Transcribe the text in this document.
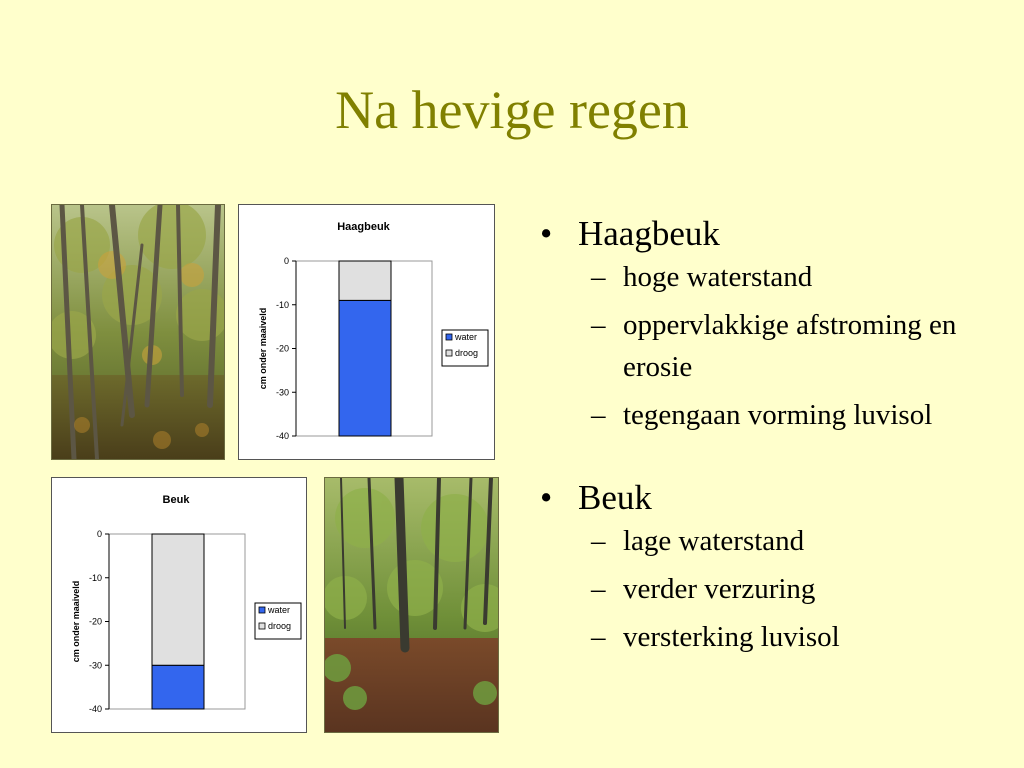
Na hevige regen
Haagbeuk
0
-10
-20
-30
-40
cm onder maaiveld	water
droog
Beuk
0
-10
-20
-30
-40
cm onder maaiveld	water
droog

• Haagbeuk

– hoge waterstand

– oppervlakkige afstroming en erosie

– tegengaan vorming luvisol

• Beuk

– lage waterstand

– verder verzuring

– versterking luvisol
